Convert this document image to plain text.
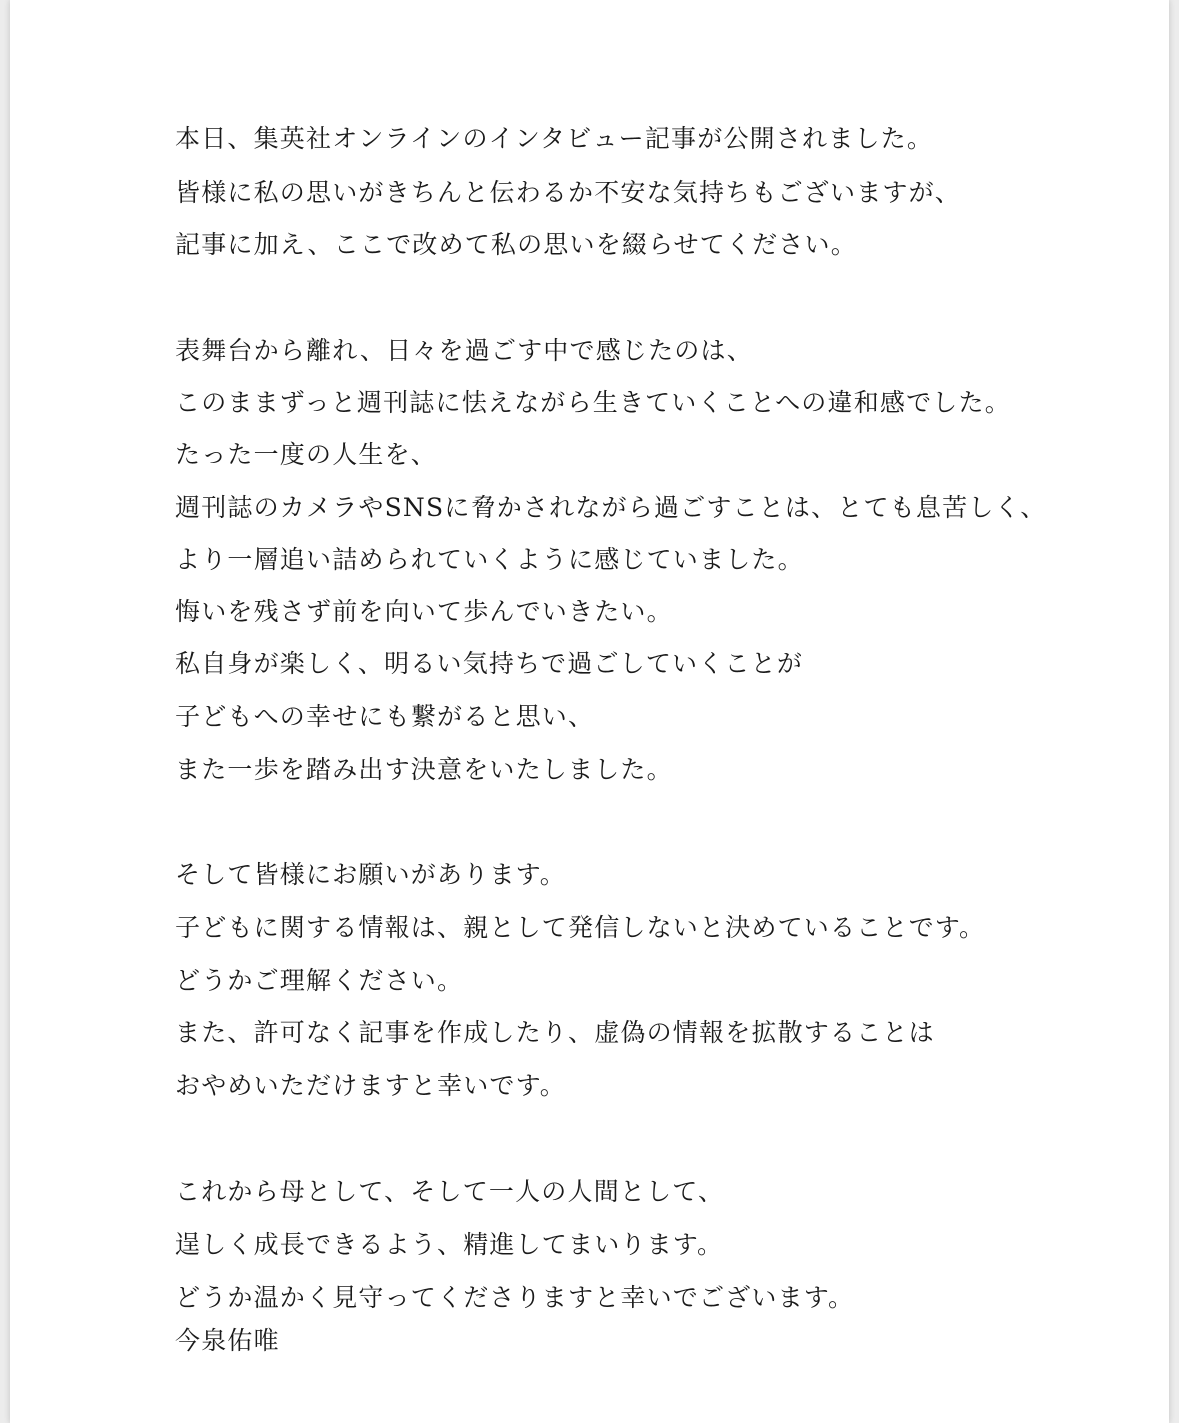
本日、集英社オンラインのインタビュー記事が公開されました。
皆様に私の思いがきちんと伝わるか不安な気持ちもございますが、
記事に加え、ここで改めて私の思いを綴らせてください。
表舞台から離れ、日々を過ごす中で感じたのは、
このままずっと週刊誌に怯えながら生きていくことへの違和感でした。
たった一度の人生を、
週刊誌のカメラやSNSに脅かされながら過ごすことは、とても息苦しく、
より一層追い詰められていくように感じていました。
悔いを残さず前を向いて歩んでいきたい。
私自身が楽しく、明るい気持ちで過ごしていくことが
子どもへの幸せにも繋がると思い、
また一歩を踏み出す決意をいたしました。
そして皆様にお願いがあります。
子どもに関する情報は、親として発信しないと決めていることです。
どうかご理解ください。
また、許可なく記事を作成したり、虚偽の情報を拡散することは
おやめいただけますと幸いです。
これから母として、そして一人の人間として、
逞しく成長できるよう、精進してまいります。
どうか温かく見守ってくださりますと幸いでございます。
今泉佑唯
